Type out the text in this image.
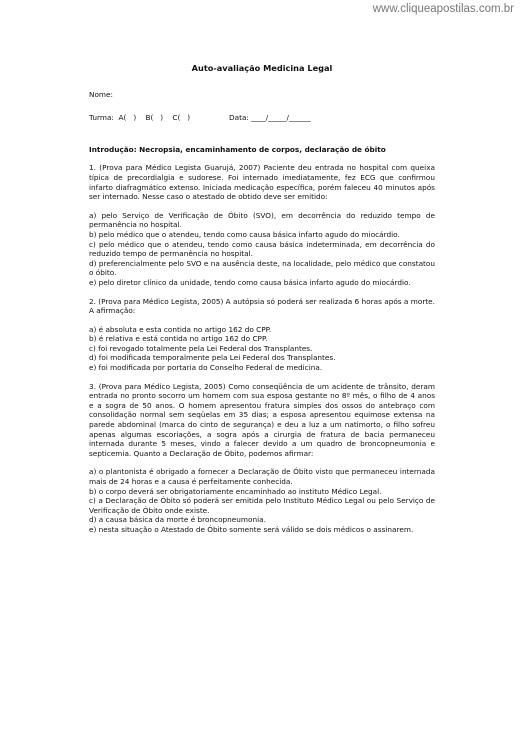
www.cliqueapostilas.com.br
Auto-avaliação Medicina Legal
Nome:
Turma:  A(   )    B(   )    C(   )	Data: ____/_____/______

Introdução: Necropsia, encaminhamento de corpos, declaração de óbito

1. (Prova para Médico Legista Guarujá, 2007) Paciente deu entrada no hospital com queixa típica de precordialgia e sudorese. Foi internado imediatamente, fez ECG que confirmou infarto diafragmático extenso. Iniciada medicação específica, porém faleceu 40 minutos após ser internado. Nesse caso o atestado de obtido deve ser emitido:

a) pelo Serviço de Verificação de Óbito (SVO), em decorrência do reduzido tempo de permanência no hospital.

b) pelo médico que o atendeu, tendo como causa básica infarto agudo do miocárdio.

c) pelo médico que o atendeu, tendo como causa básica indeterminada, em decorrência do reduzido tempo de permanência no hospital.

d) preferencialmente pelo SVO e na ausência deste, na localidade, pelo médico que constatou o óbito.

e) pelo diretor clínico da unidade, tendo como causa básica infarto agudo do miocárdio.

2. (Prova para Médico Legista, 2005) A autópsia só poderá ser realizada 6 horas após a morte. A afirmação:

a) é absoluta e esta contida no artigo 162 do CPP.

b) é relativa e está contida no artigo 162 do CPP.

c) foi revogado totalmente pela Lei Federal dos Transplantes.

d) foi modificada temporalmente pela Lei Federal dos Transplantes.

e) foi modificada por portaria do Conselho Federal de medicina.

3. (Prova para Médico Legista, 2005) Como conseqüência de um acidente de trânsito, deram entrada no pronto socorro um homem com sua esposa gestante no 8º mês, o filho de 4 anos e a sogra de 50 anos. O homem apresentou fratura simples dos ossos do antebraço com consolidação normal sem seqüelas em 35 dias; a esposa apresentou equimose extensa na parede abdominal (marca do cinto de segurança) e deu a luz a um natimorto, o filho sofreu apenas algumas escoriações, a sogra após a cirurgia de fratura de bacia permaneceu internada durante 5 meses, vindo a falecer devido a um quadro de broncopneumonia e septicemia. Quanto a Declaração de Óbito, podemos afirmar:

a) o plantonista é obrigado a fornecer a Declaração de Óbito visto que permaneceu internada mais de 24 horas e a causa é perfeitamente conhecida.

b) o corpo deverá ser obrigatoriamente encaminhado ao instituto Médico Legal.

c) a Declaração de Óbito só poderá ser emitida pelo Instituto Médico Legal ou pelo Serviço de Verificação de Óbito onde existe.

d) a causa básica da morte é broncopneumonia.

e) nesta situação o Atestado de Óbito somente será válido se dois médicos o assinarem.
